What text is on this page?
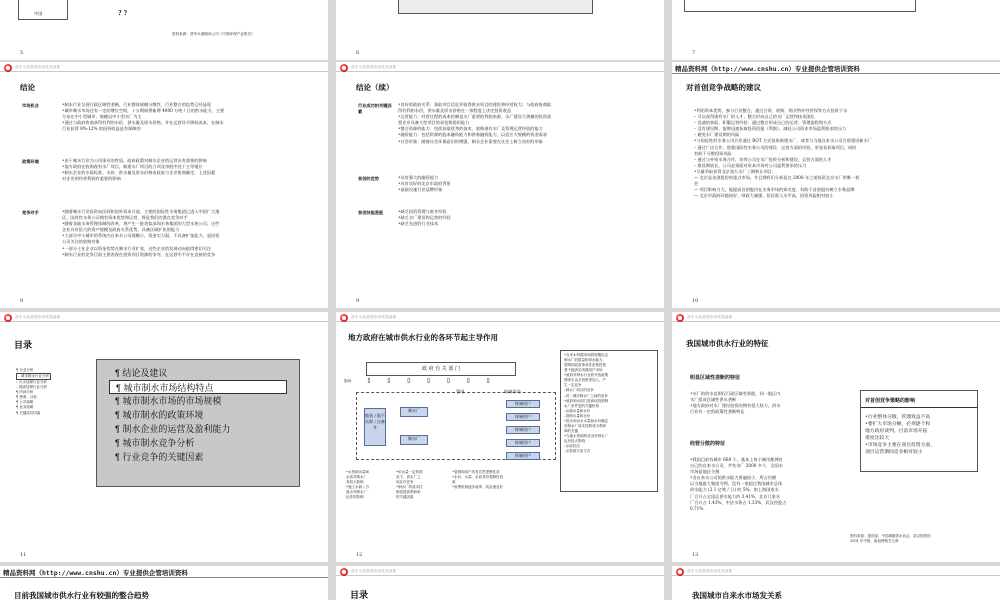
中国	? ?
资料来源：普华永道顾问公司《中国环保产业报告》
5	6	7
普华永道管理咨询发展战略
结论
市场机会	•制水行业呈现行政区域性垄断，行业整体规模分散性，行业整合的趋势已经显现
•城市制水市场还有一定的增长空间，十五期间将新增 4000 万吨 / 日的供水能力，主要
分布在中小型城市、规模以中小型水厂为主
•通过与政府协商获得有利的水价，供水量及原水价格，并在运营环节降低成本，在制水
行业获得 8%-12% 的投资收益是有保障的
政策环境	•由于制水行业为公用事业的性质，政府政策对制水企业的运营具有重要的影响
•地方政府在收购现有水厂项目，新建水厂项目的立项及审批中处于主导地位
•制水企业的水质标准、水价、供水量及原水价格由政府与企业协商确定，上述因素
对企业的经营利润有重要的影响
竞争对手	•随着制水行业投资向民间和国外资本开放，主要的国际性水务集团已进入中国广大地
区，国有性水务公司拥有资本优势和运营、将是我们的潜在竞争对手
•随着各地水务管理体制的改革，将产生一批类似深圳水务集团的大型水务公司，这些
企业具有很大的资产规模及政府关系优势，具备区域扩张的能力
•大部分中小城市的系统内自来水公司规模小，资金实力弱，不具备扩张能力，是投资
公司关注的收购对象
•一部分土在企业以资金优势在制水行业扩张，这些企业的发展动向值得密切关注
•制水行业的竞争目前主要表现在投资项目资源的争夺，在运营中不存在直接的竞争
8
普华永道管理咨询发展战略
结论（续）
行业成功的关键因素
•良好的政府关系：获取项目信息并取得供水项目的建设和经营权力；与政府协商取
得有利的水价，供水量及原水价格在一家程度上决定投资收益
•运营能力：经营过程的成本控制是水厂重要的利润来源。水厂建设大规模的投资需
要企业具备大型项目的承包和组织能力
•整合资源的能力：包括获取优秀的技术、收购现有水厂及管理运营经验的能力
•融资能力：包括资源的股本融资能力和债务融资能力，以适应大规模的资金需求
•社会形象：随着社会环保意识的增强，制水企业需要在社会上树立良好的形象
首创的优势	•具有强大的融资能力
•具有良好的北京市政府背景
•基础设施行业品牌形象
首创技能差距	•缺乏投资管理与收并经验
•缺乏水厂建设和运营的经验
•缺乏先进的行业技术
9
精品资料网（http://www.cnshu.cn）专业提供企管培训资料
对首创竞争战略的建议
•利用资本优势，参与行业整合，通过合资、收购，购买特许经营权等方式投资于水
– 可以获得现有水厂的人才，整合形成自己的水厂运营和技术团队
– 迅速的获取、积累运营经验：通过整合形成自己的运营、管理流程和方式
– 没有建设期，能够迅速获取投资回报（利润），减轻公司资本市场盈利要求的压力
– 避免水厂建设期的风险
•与国际性的水务公司合作通过 BOT 方式投资新建水厂，或者与当地自来水公司合资建设新水厂
– 通过广泛合作，借鉴国际性水务公司的建设、运营方面的经验，更容易获取项目，同时
有助于分散投资风险
– 通过与外资水务合作，培养公司在水厂投资分析和建设、运营方面的人才
– 建设期较长，公司必须面对资本市场对公司盈利要求的压力
•尽量争取获得北京第九水厂三期转让项目：
— 北京是首创股份的重点市场，并且拥有们分析是在 2008 年之前投资北京水厂的唯一机
会
— 项目影响力大，能提高首创股份在水务市场的知名度，有助于首创股份树立水务品牌
— 北京市政府环境较好，财政力量强，居民收入水平高，投资风险相对较小
10
普华永道管理咨询发展战略
目录
¶ 行业分析
– 城市制水行业分析
– 污水处理行业分析
– 固废处理行业分析
¶ 内部分析
¶ 使命、目标
¶ 公司战略
¶ 业务战略
¶ 关键成功因素
¶ 结论及建议
¶ 城市制水市场结构特点
¶ 城市制水市场的市场规模
¶ 城市制水的政策环境
¶ 制水企业的运营及盈利能力
¶ 城市制水竞争分析
¶ 行业竞争的关键因素
11
普华永道管理咨询发展战略
地方政府在城市供水行业的各环节起主导作用
政 府 有 关 部 门
影响 ⇩⇩⇩⇩⇩⇩⇩
地表 / 地下水源 / 自备井
制水厂
制水厂
管网	终端市场
终端用户
终端用户
终端用户
终端用户
终端用户
•自来水终端市场的规模由定
制水厂的数量和供水能力，
管网的政府事务性质使投资
者不能涉足终端用户市场
•政府对制水行业的开放政策
将吸引众多投资者加入，产
生一定竞争
–制水厂项目的竞争
–同一城市制水厂之间的竞争
•政府和水面门是商谈投资制
水厂条件是的关键机构
–水源水量和水价
–管网水量和水价
•进水和出水水量和水价确定
后制水厂成本控制成为利润
率的关键
•当地水资源的状况对制水厂
也有较大影响
–水质状况
–水资源丰富与否
•水资源水量和
水质对制水厂
有较大影响
•施工水源 / 自
备水对制水厂
运作的影响
•用水量一定的情
况下，供水厂之
间存在竞争
•制水厂的成本控
制是提高利润率
的关键因素
•管网和用户具有自然垄断性质
•水价、水量、水质具有强制性协
商
•收费机制逐步改革，现金流良好
12
普华永道管理咨询发展战略
我国城市供水行业的特征
明显区域性垄断的特征
•水厂的供水范围仅行政区域有界限，同一地区内
水厂组成区域性供水垄断
•地方政府对水厂建设投资的拥有很大权力，供水
行业有一定的政策性垄断特征
经营分散的特征
•我国目前有城市 668 个，基本上每个城市都拥有
自己的自来水公司，共有水厂 2000 多个，全国水
市场是地区分割
•各自来水公司的供水能力普遍较小，所占份额
以当地最大集团为例，没有一家超过我国城市总体
供水能力 (2.1 亿吨 / 日) 的 5%。如上海国家水
厂合计占全国总供水能力约 3.41%，北京几家水
厂合计占 1.43%，中法水务占 1.33%，武汉控股占
0.71%
对首创竞争策略的影响
•行业整体分散，管理效益不高
•要扩大市场分额，必须逐个和
地方政府谈判，目前市场开拓
难度比较大
•市场竞争主要在项目投资方面，
项目运营期间竞争相对较小
资料来源：建设部、中国城镇供水协会、武汉控股的
2001 年中报、新浪网相关文章
13
精品资料网（http://www.cnshu.cn）专业提供企管培训资料
目前我国城市供水行业有较强的整合趋势
普华永道管理咨询发展战略
目录
普华永道管理咨询发展战略
我国城市自来水市场发关系
